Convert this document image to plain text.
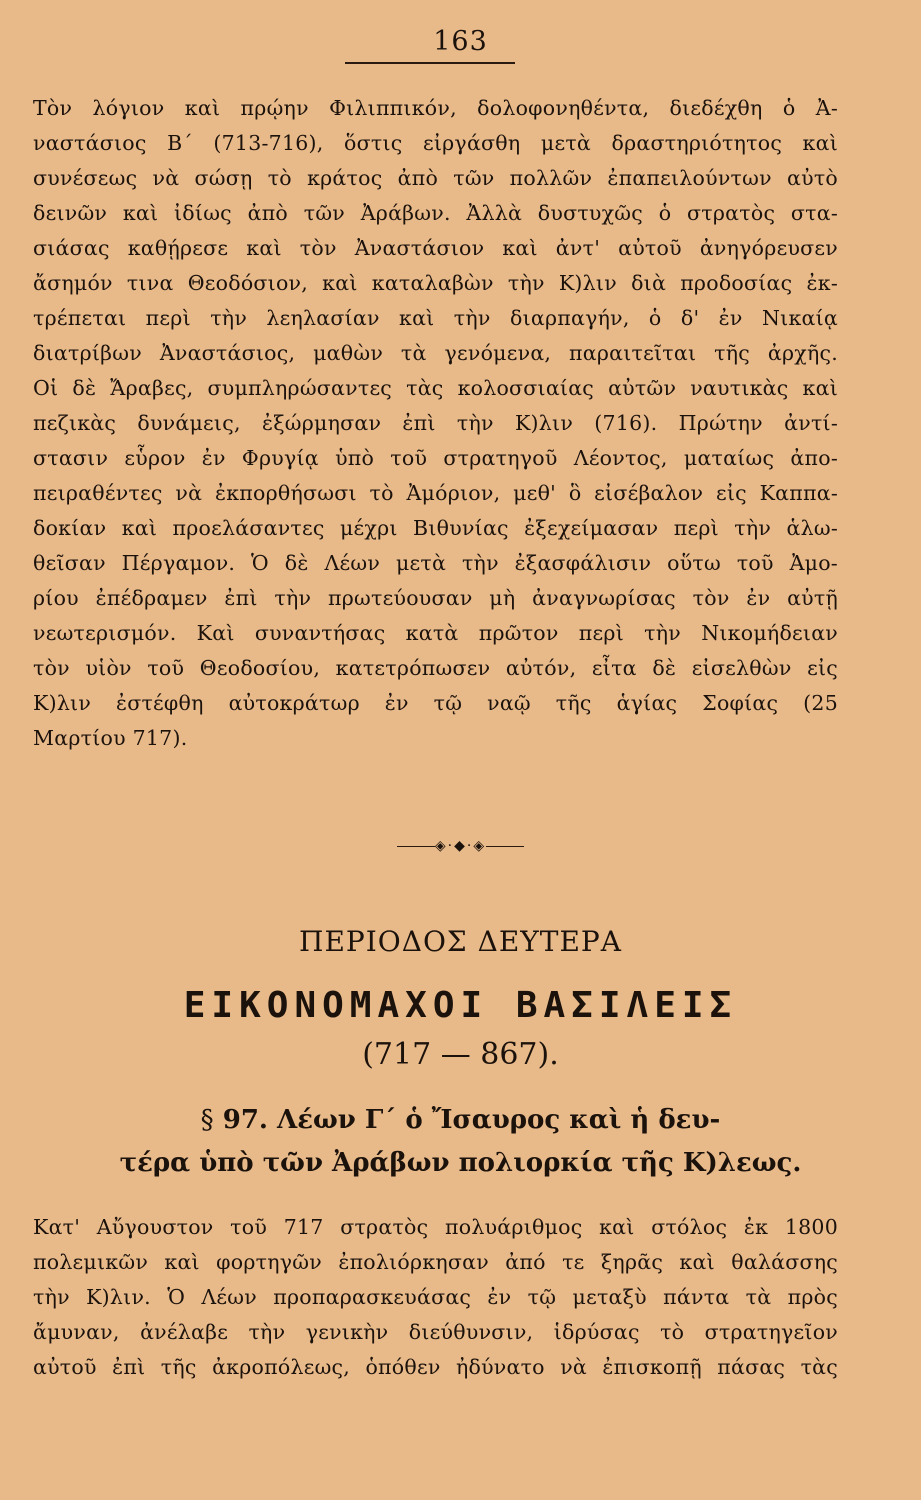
163
Τὸν λόγιον καὶ πρῴην Φιλιππικόν, δολοφονηθέντα, διεδέχθη ὁ Ἀ-
ναστάσιος Β΄ (713-716), ὅστις εἰργάσθη μετὰ δραστηριότητος καὶ
συνέσεως νὰ σώσῃ τὸ κράτος ἀπὸ τῶν πολλῶν ἐπαπειλούντων αὐτὸ
δεινῶν καὶ ἰδίως ἀπὸ τῶν Ἀράβων. Ἀλλὰ δυστυχῶς ὁ στρατὸς στα-
σιάσας καθῄρεσε καὶ τὸν Ἀναστάσιον καὶ ἀντ' αὐτοῦ ἀνηγόρευσεν
ἄσημόν τινα Θεοδόσιον, καὶ καταλαβὼν τὴν Κ)λιν διὰ προδοσίας ἐκ-
τρέπεται περὶ τὴν λεηλασίαν καὶ τὴν διαρπαγήν, ὁ δ' ἐν Νικαίᾳ
διατρίβων Ἀναστάσιος, μαθὼν τὰ γενόμενα, παραιτεῖται τῆς ἀρχῆς.
Οἱ δὲ Ἄραβες, συμπληρώσαντες τὰς κολοσσιαίας αὐτῶν ναυτικὰς καὶ
πεζικὰς δυνάμεις, ἐξώρμησαν ἐπὶ τὴν Κ)λιν (716). Πρώτην ἀντί-
στασιν εὗρον ἐν Φρυγίᾳ ὑπὸ τοῦ στρατηγοῦ Λέοντος, ματαίως ἀπο-
πειραθέντες νὰ ἐκπορθήσωσι τὸ Ἀμόριον, μεθ' ὃ εἰσέβαλον εἰς Καππα-
δοκίαν καὶ προελάσαντες μέχρι Βιθυνίας ἐξεχείμασαν περὶ τὴν ἁλω-
θεῖσαν Πέργαμον. Ὁ δὲ Λέων μετὰ τὴν ἐξασφάλισιν οὕτω τοῦ Ἀμο-
ρίου ἐπέδραμεν ἐπὶ τὴν πρωτεύουσαν μὴ ἀναγνωρίσας τὸν ἐν αὐτῇ
νεωτερισμόν. Καὶ συναντήσας κατὰ πρῶτον περὶ τὴν Νικομήδειαν
τὸν υἱὸν τοῦ Θεοδοσίου, κατετρόπωσεν αὐτόν, εἶτα δὲ εἰσελθὼν εἰς
Κ)λιν ἐστέφθη αὐτοκράτωρ ἐν τῷ ναῷ τῆς ἁγίας Σοφίας (25
Μαρτίου 717).
◈·◆·◈
ΠΕΡΙΟΔΟΣ ΔΕΥΤΕΡΑ
ΕΙΚΟΝΟΜΑΧΟΙ ΒΑΣΙΛΕΙΣ
(717 — 867).
§ 97. Λέων Γ΄ ὁ Ἴσαυρος καὶ ἡ δευ-
τέρα ὑπὸ τῶν Ἀράβων πολιορκία τῆς Κ)λεως.
Κατ' Αὔγουστον τοῦ 717 στρατὸς πολυάριθμος καὶ στόλος ἐκ 1800
πολεμικῶν καὶ φορτηγῶν ἐπολιόρκησαν ἀπό τε ξηρᾶς καὶ θαλάσσης
τὴν Κ)λιν. Ὁ Λέων προπαρασκευάσας ἐν τῷ μεταξὺ πάντα τὰ πρὸς
ἄμυναν, ἀνέλαβε τὴν γενικὴν διεύθυνσιν, ἱδρύσας τὸ στρατηγεῖον
αὐτοῦ ἐπὶ τῆς ἀκροπόλεως, ὁπόθεν ἠδύνατο νὰ ἐπισκοπῇ πάσας τὰς
